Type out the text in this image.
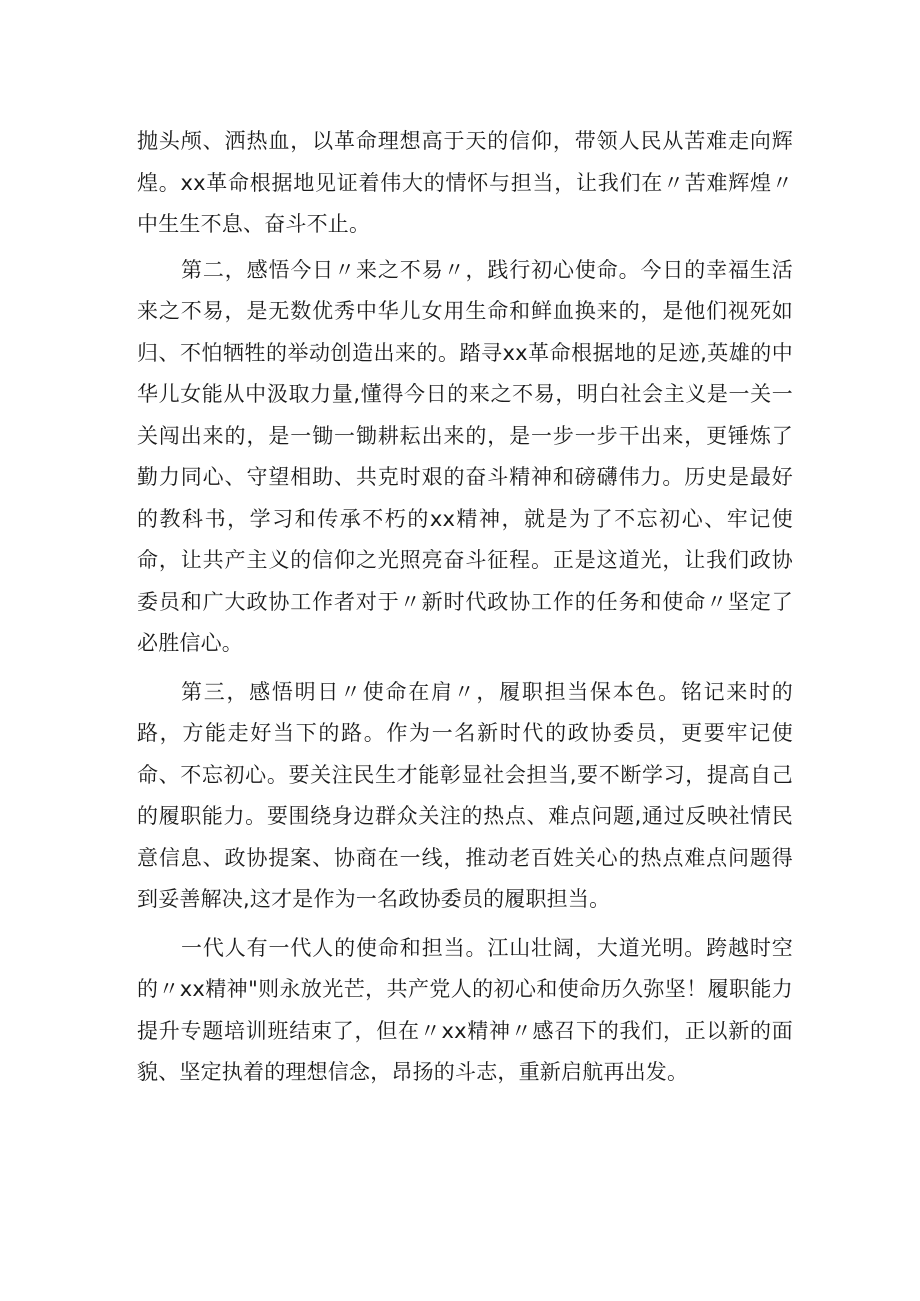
抛头颅、洒热血，以革命理想高于天的信仰，带领人民从苦难走向辉煌。xx革命根据地见证着伟大的情怀与担当，让我们在〃苦难辉煌〃中生生不息、奋斗不止。

第二，感悟今日〃来之不易〃，践行初心使命。今日的幸福生活来之不易，是无数优秀中华儿女用生命和鲜血换来的，是他们视死如归、不怕牺牲的举动创造出来的。踏寻xx革命根据地的足迹,英雄的中华儿女能从中汲取力量,懂得今日的来之不易，明白社会主义是一关一关闯出来的，是一锄一锄耕耘出来的，是一步一步干出来，更锤炼了勤力同心、守望相助、共克时艰的奋斗精神和磅礴伟力。历史是最好的教科书，学习和传承不朽的xx精神，就是为了不忘初心、牢记使命，让共产主义的信仰之光照亮奋斗征程。正是这道光，让我们政协委员和广大政协工作者对于〃新时代政协工作的任务和使命〃坚定了必胜信心。

第三，感悟明日〃使命在肩〃，履职担当保本色。铭记来时的路，方能走好当下的路。作为一名新时代的政协委员，更要牢记使命、不忘初心。要关注民生才能彰显社会担当,要不断学习，提高自己的履职能力。要围绕身边群众关注的热点、难点问题,通过反映社情民意信息、政协提案、协商在一线，推动老百姓关心的热点难点问题得到妥善解决,这才是作为一名政协委员的履职担当。

一代人有一代人的使命和担当。江山壮阔，大道光明。跨越时空的〃xx精神"则永放光芒，共产党人的初心和使命历久弥坚！履职能力提升专题培训班结束了，但在〃xx精神〃感召下的我们，正以新的面貌、坚定执着的理想信念，昂扬的斗志，重新启航再出发。
